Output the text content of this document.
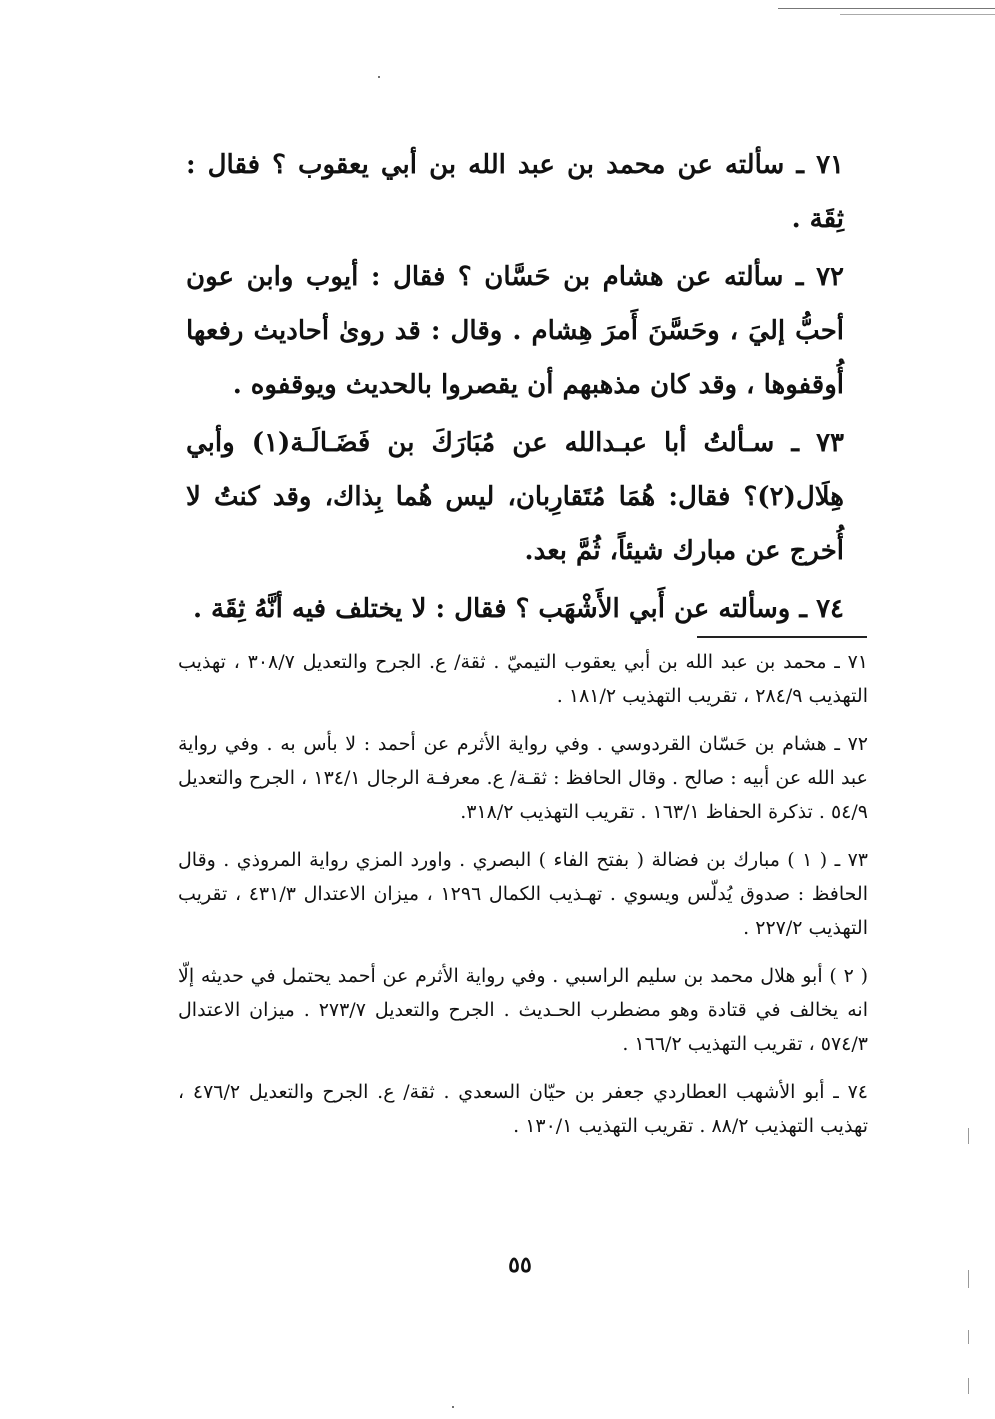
٧١ ـ سألته عن محمد بن عبد الله بن أبي يعقوب ؟ فقال : ثِقَة .

٧٢ ـ سألته عن هشام بن حَسَّان ؟ فقال : أيوب وابن عون أحبُّ إليَ ، وحَسَّنَ أَمرَ هِشام . وقال : قد روىٰ أحاديث رفعها أُوقفوها ، وقد كان مذهبهم أن يقصروا بالحديث ويوقفوه .

٧٣ ـ سـألتُ أبا عبـدالله عن مُبَارَكَ بن فَضَـالَـة(١) وأبي هِلَال(٢)؟ فقال: هُمَا مُتَقارِبان، ليس هُما بِذاك، وقد كنتُ لا أُخرج عن مبارك شيئاً، ثُمَّ بعد.

٧٤ ـ وسألته عن أَبي الأَشْهَب ؟ فقال : لا يختلف فيه أنَّهُ ثِقَة .

٧١ ـ محمد بن عبد الله بن أبي يعقوب التيميّ . ثقة/ ع. الجرح والتعديل ٣٠٨/٧ ، تهذيب التهذيب ٢٨٤/٩ ، تقريب التهذيب ١٨١/٢ .

٧٢ ـ هشام بن حَسّان القردوسي . وفي رواية الأثرم عن أحمد : لا بأس به . وفي رواية عبد الله عن أبيه : صالح . وقال الحافظ : ثقـة/ ع. معرفـة الرجال ١٣٤/١ ، الجرح والتعديل ٥٤/٩ . تذكرة الحفاظ ١٦٣/١ . تقريب التهذيب ٣١٨/٢.

٧٣ ـ ( ١ ) مبارك بن فضالة ( بفتح الفاء ) البصري . واورد المزي رواية المروذي . وقال الحافظ : صدوق يُدلّس ويسوي . تهـذيب الكمال ١٢٩٦ ، ميزان الاعتدال ٤٣١/٣ ، تقريب التهذيب ٢٢٧/٢ .

( ٢ ) أبو هلال محمد بن سليم الراسبي . وفي رواية الأثرم عن أحمد يحتمل في حديثه إلّا انه يخالف في قتادة وهو مضطرب الحـديث . الجرح والتعديل ٢٧٣/٧ . ميزان الاعتدال ٥٧٤/٣ ، تقريب التهذيب ١٦٦/٢ .

٧٤ ـ أبو الأشهب العطاردي جعفر بن حيّان السعدي . ثقة/ ع. الجرح والتعديل ٤٧٦/٢ ، تهذيب التهذيب ٨٨/٢ . تقريب التهذيب ١٣٠/١ .

٥٥
